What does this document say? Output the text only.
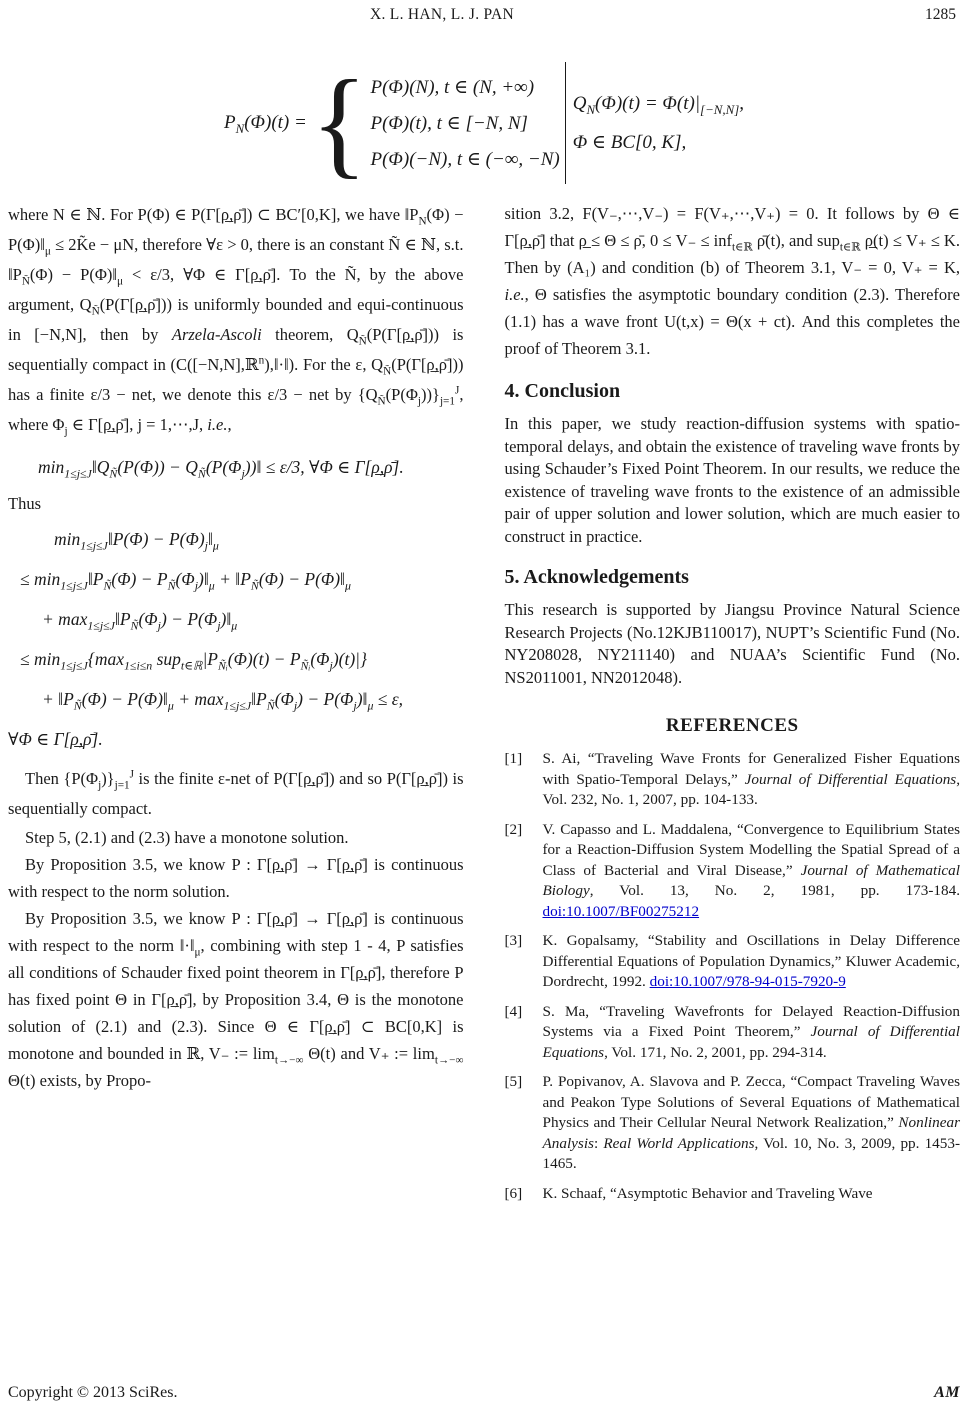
X. L. HAN, L. J. PAN	1285
$P_N(\Phi)(t)$ = { P(Φ)(N), t ∈ (N, +∞)
P(Φ)(t), t ∈ [−N, N]
P(Φ)(−N), t ∈ (−∞, −N)
$Q_N(\Phi)(t) = \Phi(t)|_{[-N,N]}$,
Φ ∈ BC[0, K],

where N ∈ ℕ. For P(Φ) ∈ P(Γ[ρ̲,ρ̄]) ⊂ BC′[0,K], we have $‖P_N(\Phi)$ − $P(\Phi)‖_\mu$ ≤ 2K̃e − μN, therefore ∀ε > 0, there is an constant Ñ ∈ ℕ, s.t. $‖P_Ñ(\Phi)$ − $P(\Phi)‖_\mu < \varepsilon/3$, ∀Φ ∈ Γ[ρ̲,ρ̄]. To the Ñ, by the above argument, $Q_Ñ(P(\Gamma[\rho̲,\rhō]))$ is uniformly bounded and equi-continuous in [−N,N], then by Arzela-Ascoli theorem, $Q_Ñ(P(\Gamma[\rho̲,\rhō]))$ is sequentially compact in (C([−N,N],ℝ$^n$),‖·‖). For the ε, $Q_Ñ(P(\Gamma[\rho̲,\rhō]))$ has a finite ε/3 − net, we denote this ε/3 − net by $\{Q_Ñ(P(\Phi_j))\}_{j=1}^J$, where $\Phi_j$ ∈ Γ[ρ̲,ρ̄], j = 1,⋯,J, i.e.,

$\min_{1\le j\le J}‖Q_Ñ(P(\Phi))$ − $Q_Ñ(P(\Phi_j))‖ \le \varepsilon/3$, ∀Φ ∈ Γ[ρ̲,ρ̄].

Thus

$\min_{1\le j\le J}‖P(\Phi)$ − $P(\Phi)_j‖_\mu$
≤ $\min_{1\le j\le J}‖P_Ñ(\Phi)$ − $P_Ñ(\Phi_j)‖_\mu$ + $‖P_Ñ(\Phi)$ − $P(\Phi)‖_\mu$
+ $\max_{1\le j\le J}‖P_Ñ(\Phi_j)$ − $P(\Phi_j)‖_\mu$
≤ $\min_{1\le j\le J}\{\max_{1\le i\le n}$ $sup_{t\in ℝ}|P_{Ñᵢ}(\Phi)(t) - P_{Ñᵢ}(\Phi_j)(t)|$}
+ $‖P_Ñ(\Phi)$ − $P(\Phi)‖_\mu$ + $\max_{1\le j\le J}‖P_Ñ(\Phi_j)$ − $P(\Phi_j)‖_\mu \le \varepsilon$,
∀Φ ∈ Γ[ρ̲,ρ̄].

Then $\{P(\Phi_j)\}_{j=1}^J$ is the finite ε-net of P(Γ[ρ̲,ρ̄]) and so P(Γ[ρ̲,ρ̄]) is sequentially compact.

Step 5, (2.1) and (2.3) have a monotone solution.

By Proposition 3.5, we know P : Γ[ρ̲,ρ̄] → Γ[ρ̲,ρ̄] is continuous with respect to the norm solution.

By Proposition 3.5, we know P : Γ[ρ̲,ρ̄] → Γ[ρ̲,ρ̄] is continuous with respect to the norm $‖\cdot‖_\mu$, combining with step 1 - 4, P satisfies all conditions of Schauder fixed point theorem in Γ[ρ̲,ρ̄], therefore P has fixed point Θ in Γ[ρ̲,ρ̄], by Proposition 3.4, Θ is the monotone solution of (2.1) and (2.3). Since Θ ∈ Γ[ρ̲,ρ̄] ⊂ BC[0,K] is monotone and bounded in ℝ, V₋ := $\lim_{t\to-\infty} \Theta(t)$ and V₊ := $\lim_{t\to-\infty} \Theta(t)$ exists, by Propo-

sition 3.2, F(V₋,⋯,V₋) = F(V₊,⋯,V₊) = 0. It follows by Θ ∈ Γ[ρ̲,ρ̄] that ρ̲ ≤ Θ ≤ ρ̄, 0 ≤ V₋ ≤ inf$_{t\in ℝ}$ ρ̄(t), and sup$_{t\in ℝ}$ ρ̲(t) ≤ V₊ ≤ K. Then by (A₁) and condition (b) of Theorem 3.1, V₋ = 0, V₊ = K, i.e., Θ satisfies the asymptotic boundary condition (2.3). Therefore (1.1) has a wave front U(t,x) = Θ(x + ct). And this completes the proof of Theorem 3.1.

4. Conclusion

In this paper, we study reaction-diffusion systems with spatio-temporal delays, and obtain the existence of traveling wave fronts by using Schauder’s Fixed Point Theorem. In our results, we reduce the existence of traveling wave fronts to the existence of an admissible pair of upper solution and lower solution, which are much easier to construct in practice.

5. Acknowledgements

This research is supported by Jiangsu Province Natural Science Research Projects (No.12KJB110017), NUPT’s Scientific Fund (No. NY208028, NY211140) and NUAA’s Scientific Fund (No. NS2011001, NN2012048).

REFERENCES
[1]	S. Ai, “Traveling Wave Fronts for Generalized Fisher Equations with Spatio-Temporal Delays,” Journal of Differential Equations, Vol. 232, No. 1, 2007, pp. 104-133.
[2]	V. Capasso and L. Maddalena, “Convergence to Equilibrium States for a Reaction-Diffusion System Modelling the Spatial Spread of a Class of Bacterial and Viral Disease,” Journal of Mathematical Biology, Vol. 13, No. 2, 1981, pp. 173-184. doi:10.1007/BF00275212
[3]	K. Gopalsamy, “Stability and Oscillations in Delay Difference Differential Equations of Population Dynamics,” Kluwer Academic, Dordrecht, 1992. doi:10.1007/978-94-015-7920-9
[4]	S. Ma, “Traveling Wavefronts for Delayed Reaction-Diffusion Systems via a Fixed Point Theorem,” Journal of Differential Equations, Vol. 171, No. 2, 2001, pp. 294-314.
[5]	P. Popivanov, A. Slavova and P. Zecca, “Compact Traveling Waves and Peakon Type Solutions of Several Equations of Mathematical Physics and Their Cellular Neural Network Realization,” Nonlinear Analysis: Real World Applications, Vol. 10, No. 3, 2009, pp. 1453-1465.
[6]	K. Schaaf, “Asymptotic Behavior and Traveling Wave
Copyright © 2013 SciRes.	AM
